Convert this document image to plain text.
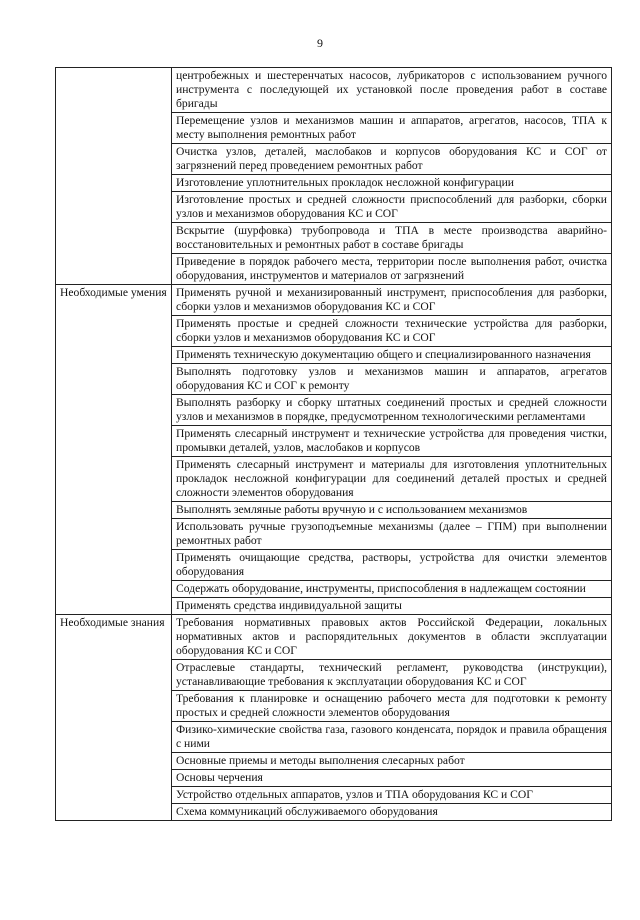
9
	центробежных и шестеренчатых насосов, лубрикаторов с использованием ручного инструмента с последующей их установкой после проведения работ в составе бригады
	Перемещение узлов и механизмов машин и аппаратов, агрегатов, насосов, ТПА к месту выполнения ремонтных работ
	Очистка узлов, деталей, маслобаков и корпусов оборудования КС и СОГ от загрязнений перед проведением ремонтных работ
	Изготовление уплотнительных прокладок несложной конфигурации
	Изготовление простых и средней сложности приспособлений для разборки, сборки узлов и механизмов оборудования КС и СОГ
	Вскрытие (шурфовка) трубопровода и ТПА в месте производства аварийно-восстановительных и ремонтных работ в составе бригады
	Приведение в порядок рабочего места, территории после выполнения работ, очистка оборудования, инструментов и материалов от загрязнений

Необходимые умения	Применять ручной и механизированный инструмент, приспособления для разборки, сборки узлов и механизмов оборудования КС и СОГ
	Применять простые и средней сложности технические устройства для разборки, сборки узлов и механизмов оборудования КС и СОГ
	Применять техническую документацию общего и специализированного назначения
	Выполнять подготовку узлов и механизмов машин и аппаратов, агрегатов оборудования КС и СОГ к ремонту
	Выполнять разборку и сборку штатных соединений простых и средней сложности узлов и механизмов в порядке, предусмотренном технологическими регламентами
	Применять слесарный инструмент и технические устройства для проведения чистки, промывки деталей, узлов, маслобаков и корпусов
	Применять слесарный инструмент и материалы для изготовления уплотнительных прокладок несложной конфигурации для соединений деталей простых и средней сложности элементов оборудования
	Выполнять земляные работы вручную и с использованием механизмов
	Использовать ручные грузоподъемные механизмы (далее – ГПМ) при выполнении ремонтных работ
	Применять очищающие средства, растворы, устройства для очистки элементов оборудования
	Содержать оборудование, инструменты, приспособления в надлежащем состоянии
	Применять средства индивидуальной защиты

Необходимые знания	Требования нормативных правовых актов Российской Федерации, локальных нормативных актов и распорядительных документов в области эксплуатации оборудования КС и СОГ
	Отраслевые стандарты, технический регламент, руководства (инструкции), устанавливающие требования к эксплуатации оборудования КС и СОГ
	Требования к планировке и оснащению рабочего места для подготовки к ремонту простых и средней сложности элементов оборудования
	Физико-химические свойства газа, газового конденсата, порядок и правила обращения с ними
	Основные приемы и методы выполнения слесарных работ
	Основы черчения
	Устройство отдельных аппаратов, узлов и ТПА оборудования КС и СОГ
	Схема коммуникаций обслуживаемого оборудования
